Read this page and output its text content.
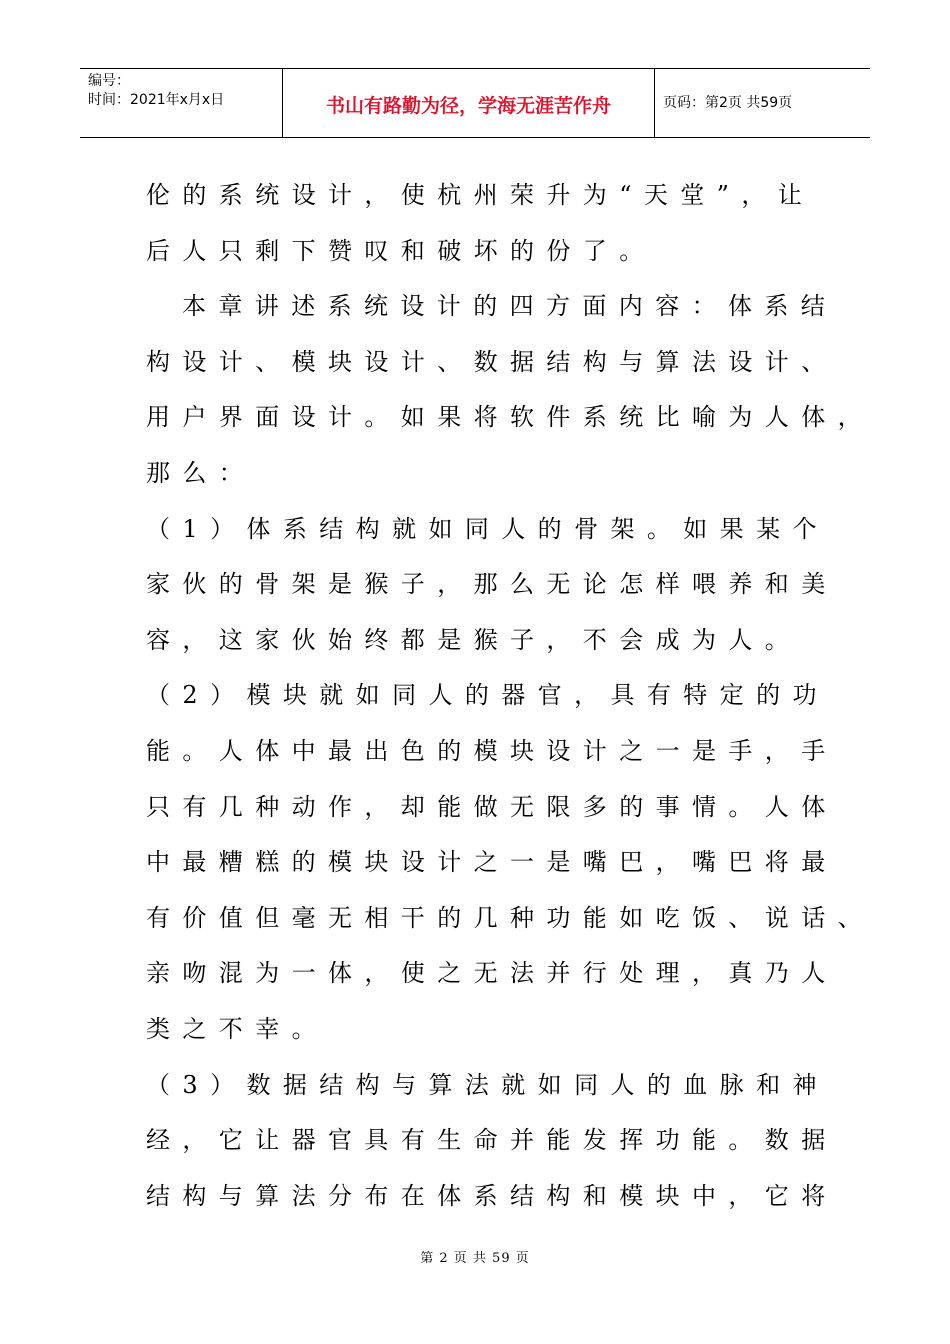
编号：
时间：2021年x月x日	书山有路勤为径，学海无涯苦作舟	页码：第2页 共59页
伦的系统设计，使杭州荣升为“天堂”，让
后人只剩下赞叹和破坏的份了。
本章讲述系统设计的四方面内容：体系结
构设计、模块设计、数据结构与算法设计、
用户界面设计。如果将软件系统比喻为人体，
那么：
（1）体系结构就如同人的骨架。如果某个
家伙的骨架是猴子，那么无论怎样喂养和美
容，这家伙始终都是猴子，不会成为人。
（2）模块就如同人的器官，具有特定的功
能。人体中最出色的模块设计之一是手，手
只有几种动作，却能做无限多的事情。人体
中最糟糕的模块设计之一是嘴巴，嘴巴将最
有价值但毫无相干的几种功能如吃饭、说话、
亲吻混为一体，使之无法并行处理，真乃人
类之不幸。
（3）数据结构与算法就如同人的血脉和神
经，它让器官具有生命并能发挥功能。数据
结构与算法分布在体系结构和模块中，它将
第 2 页 共 59 页
